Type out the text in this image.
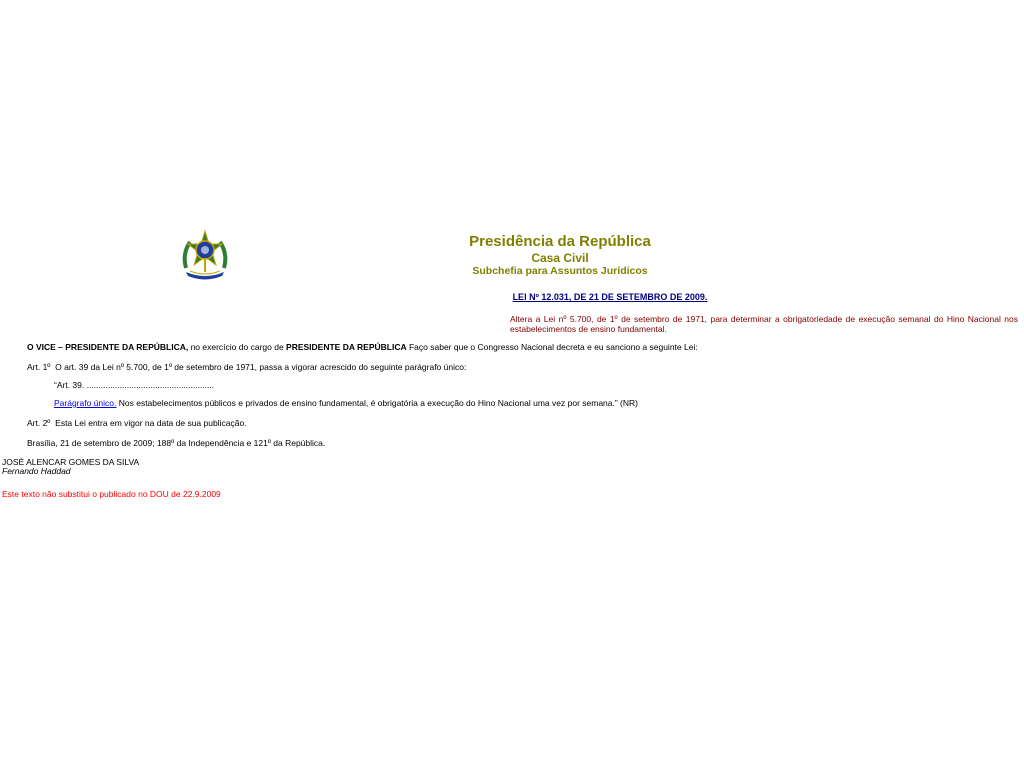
Presidência da República
Casa Civil
Subchefia para Assuntos Jurídicos
LEI Nº 12.031, DE 21 DE SETEMBRO DE 2009.
Altera a Lei nº 5.700, de 1º de setembro de 1971, para determinar a obrigatoriedade de execução semanal do Hino Nacional nos estabelecimentos de ensino fundamental.
O VICE – PRESIDENTE DA REPÚBLICA, no exercício do cargo de PRESIDENTE DA REPÚBLICA Faço saber que o Congresso Nacional decreta e eu sanciono a seguinte Lei:
Art. 1º O art. 39 da Lei nº 5.700, de 1º de setembro de 1971, passa a vigorar acrescido do seguinte parágrafo único:
“Art. 39. ......................................................
Parágrafo único. Nos estabelecimentos públicos e privados de ensino fundamental, é obrigatória a execução do Hino Nacional uma vez por semana.” (NR)
Art. 2º Esta Lei entra em vigor na data de sua publicação.
Brasília, 21 de setembro de 2009; 188º da Independência e 121º da República.
JOSÉ ALENCAR GOMES DA SILVA
Fernando Haddad
Este texto não substitui o publicado no DOU de 22.9.2009
